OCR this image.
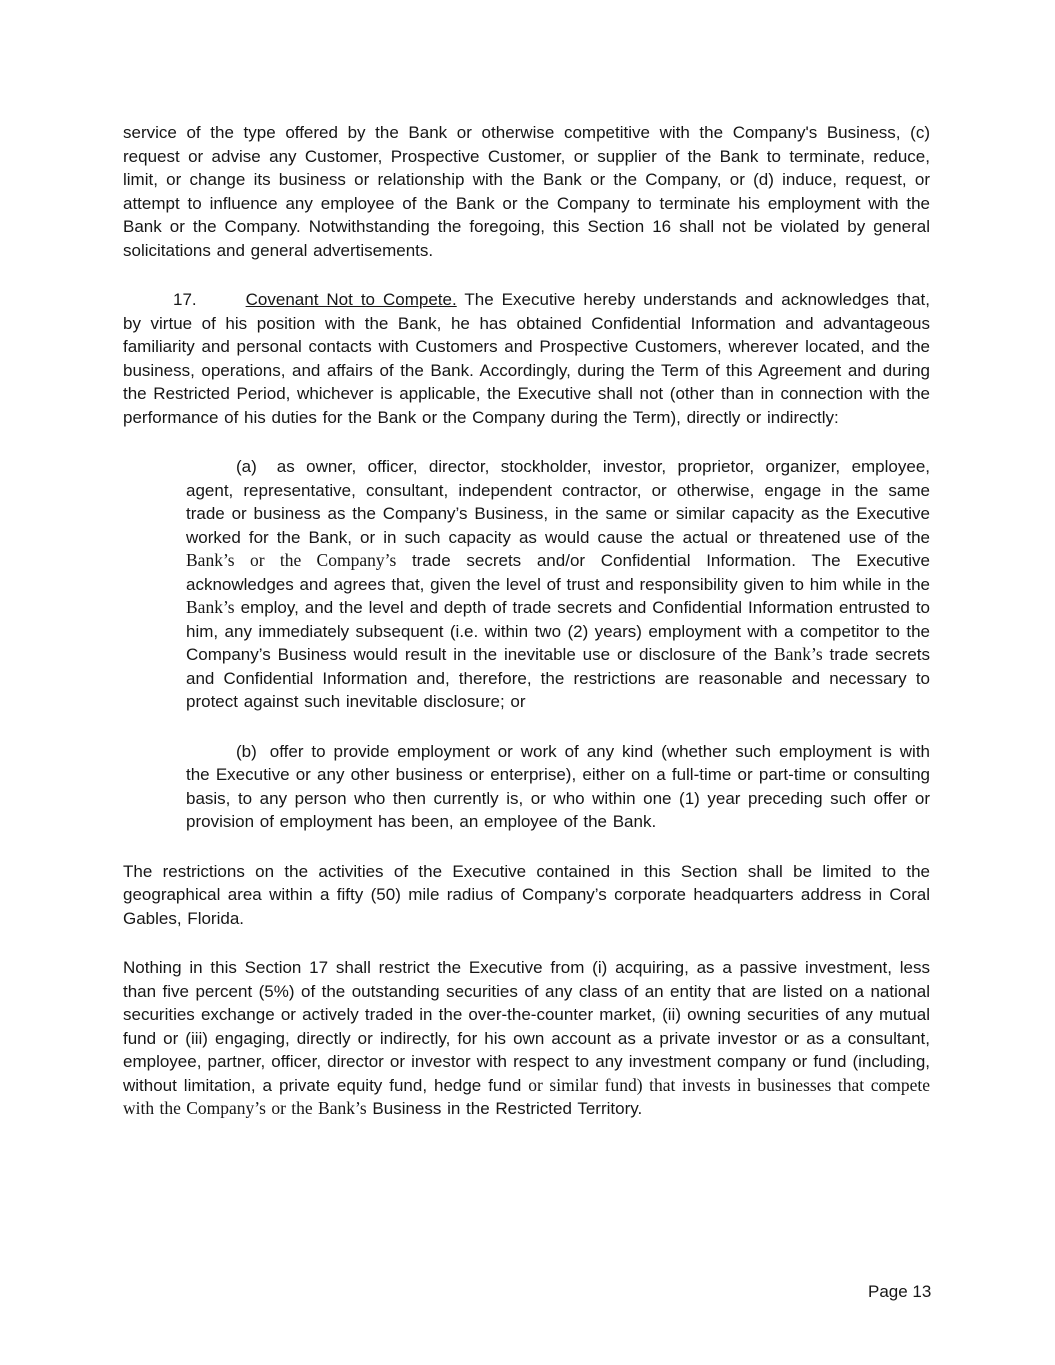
service of the type offered by the Bank or otherwise competitive with the Company's Business, (c) request or advise any Customer, Prospective Customer, or supplier of the Bank to terminate, reduce, limit, or change its business or relationship with the Bank or the Company, or (d) induce, request, or attempt to influence any employee of the Bank or the Company to terminate his employment with the Bank or the Company. Notwithstanding the foregoing, this Section 16 shall not be violated by general solicitations and general advertisements.

17.	Covenant Not to Compete. The Executive hereby understands and acknowledges that, by virtue of his position with the Bank, he has obtained Confidential Information and advantageous familiarity and personal contacts with Customers and Prospective Customers, wherever located, and the business, operations, and affairs of the Bank. Accordingly, during the Term of this Agreement and during the Restricted Period, whichever is applicable, the Executive shall not (other than in connection with the performance of his duties for the Bank or the Company during the Term), directly or indirectly:

(a) as owner, officer, director, stockholder, investor, proprietor, organizer, employee, agent, representative, consultant, independent contractor, or otherwise, engage in the same trade or business as the Company’s Business, in the same or similar capacity as the Executive worked for the Bank, or in such capacity as would cause the actual or threatened use of the Bank’s or the Company’s trade secrets and/or Confidential Information. The Executive acknowledges and agrees that, given the level of trust and responsibility given to him while in the Bank’s employ, and the level and depth of trade secrets and Confidential Information entrusted to him, any immediately subsequent (i.e. within two (2) years) employment with a competitor to the Company’s Business would result in the inevitable use or disclosure of the Bank’s trade secrets and Confidential Information and, therefore, the restrictions are reasonable and necessary to protect against such inevitable disclosure; or

(b) offer to provide employment or work of any kind (whether such employment is with the Executive or any other business or enterprise), either on a full-time or part-time or consulting basis, to any person who then currently is, or who within one (1) year preceding such offer or provision of employment has been, an employee of the Bank.

The restrictions on the activities of the Executive contained in this Section shall be limited to the geographical area within a fifty (50) mile radius of Company’s corporate headquarters address in Coral Gables, Florida.

Nothing in this Section 17 shall restrict the Executive from (i) acquiring, as a passive investment, less than five percent (5%) of the outstanding securities of any class of an entity that are listed on a national securities exchange or actively traded in the over-the-counter market, (ii) owning securities of any mutual fund or (iii) engaging, directly or indirectly, for his own account as a private investor or as a consultant, employee, partner, officer, director or investor with respect to any investment company or fund (including, without limitation, a private equity fund, hedge fund or similar fund) that invests in businesses that compete with the Company’s or the Bank’s Business in the Restricted Territory.

Page 13
